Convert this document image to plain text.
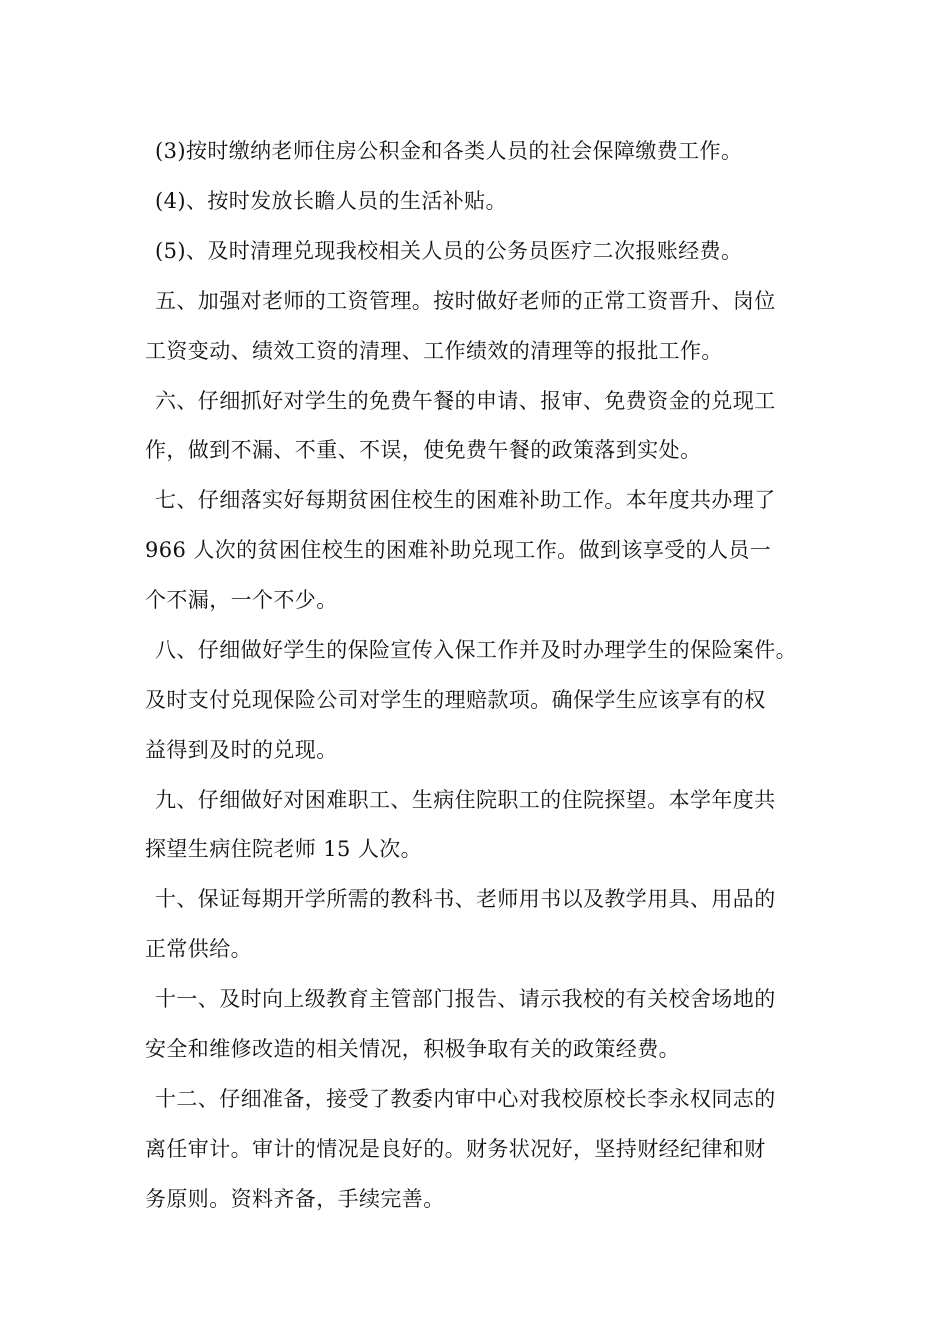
(3)按时缴纳老师住房公积金和各类人员的社会保障缴费工作。

(4)、按时发放长瞻人员的生活补贴。

(5)、及时清理兑现我校相关人员的公务员医疗二次报账经费。

五、加强对老师的工资管理。按时做好老师的正常工资晋升、岗位

工资变动、绩效工资的清理、工作绩效的清理等的报批工作。

六、仔细抓好对学生的免费午餐的申请、报审、免费资金的兑现工

作，做到不漏、不重、不误，使免费午餐的政策落到实处。

七、仔细落实好每期贫困住校生的困难补助工作。本年度共办理了

966 人次的贫困住校生的困难补助兑现工作。做到该享受的人员一

个不漏，一个不少。

八、仔细做好学生的保险宣传入保工作并及时办理学生的保险案件。

及时支付兑现保险公司对学生的理赔款项。确保学生应该享有的权

益得到及时的兑现。

九、仔细做好对困难职工、生病住院职工的住院探望。本学年度共

探望生病住院老师 15 人次。

十、保证每期开学所需的教科书、老师用书以及教学用具、用品的

正常供给。

十一、及时向上级教育主管部门报告、请示我校的有关校舍场地的

安全和维修改造的相关情况，积极争取有关的政策经费。

十二、仔细准备，接受了教委内审中心对我校原校长李永权同志的

离任审计。审计的情况是良好的。财务状况好，坚持财经纪律和财

务原则。资料齐备，手续完善。
